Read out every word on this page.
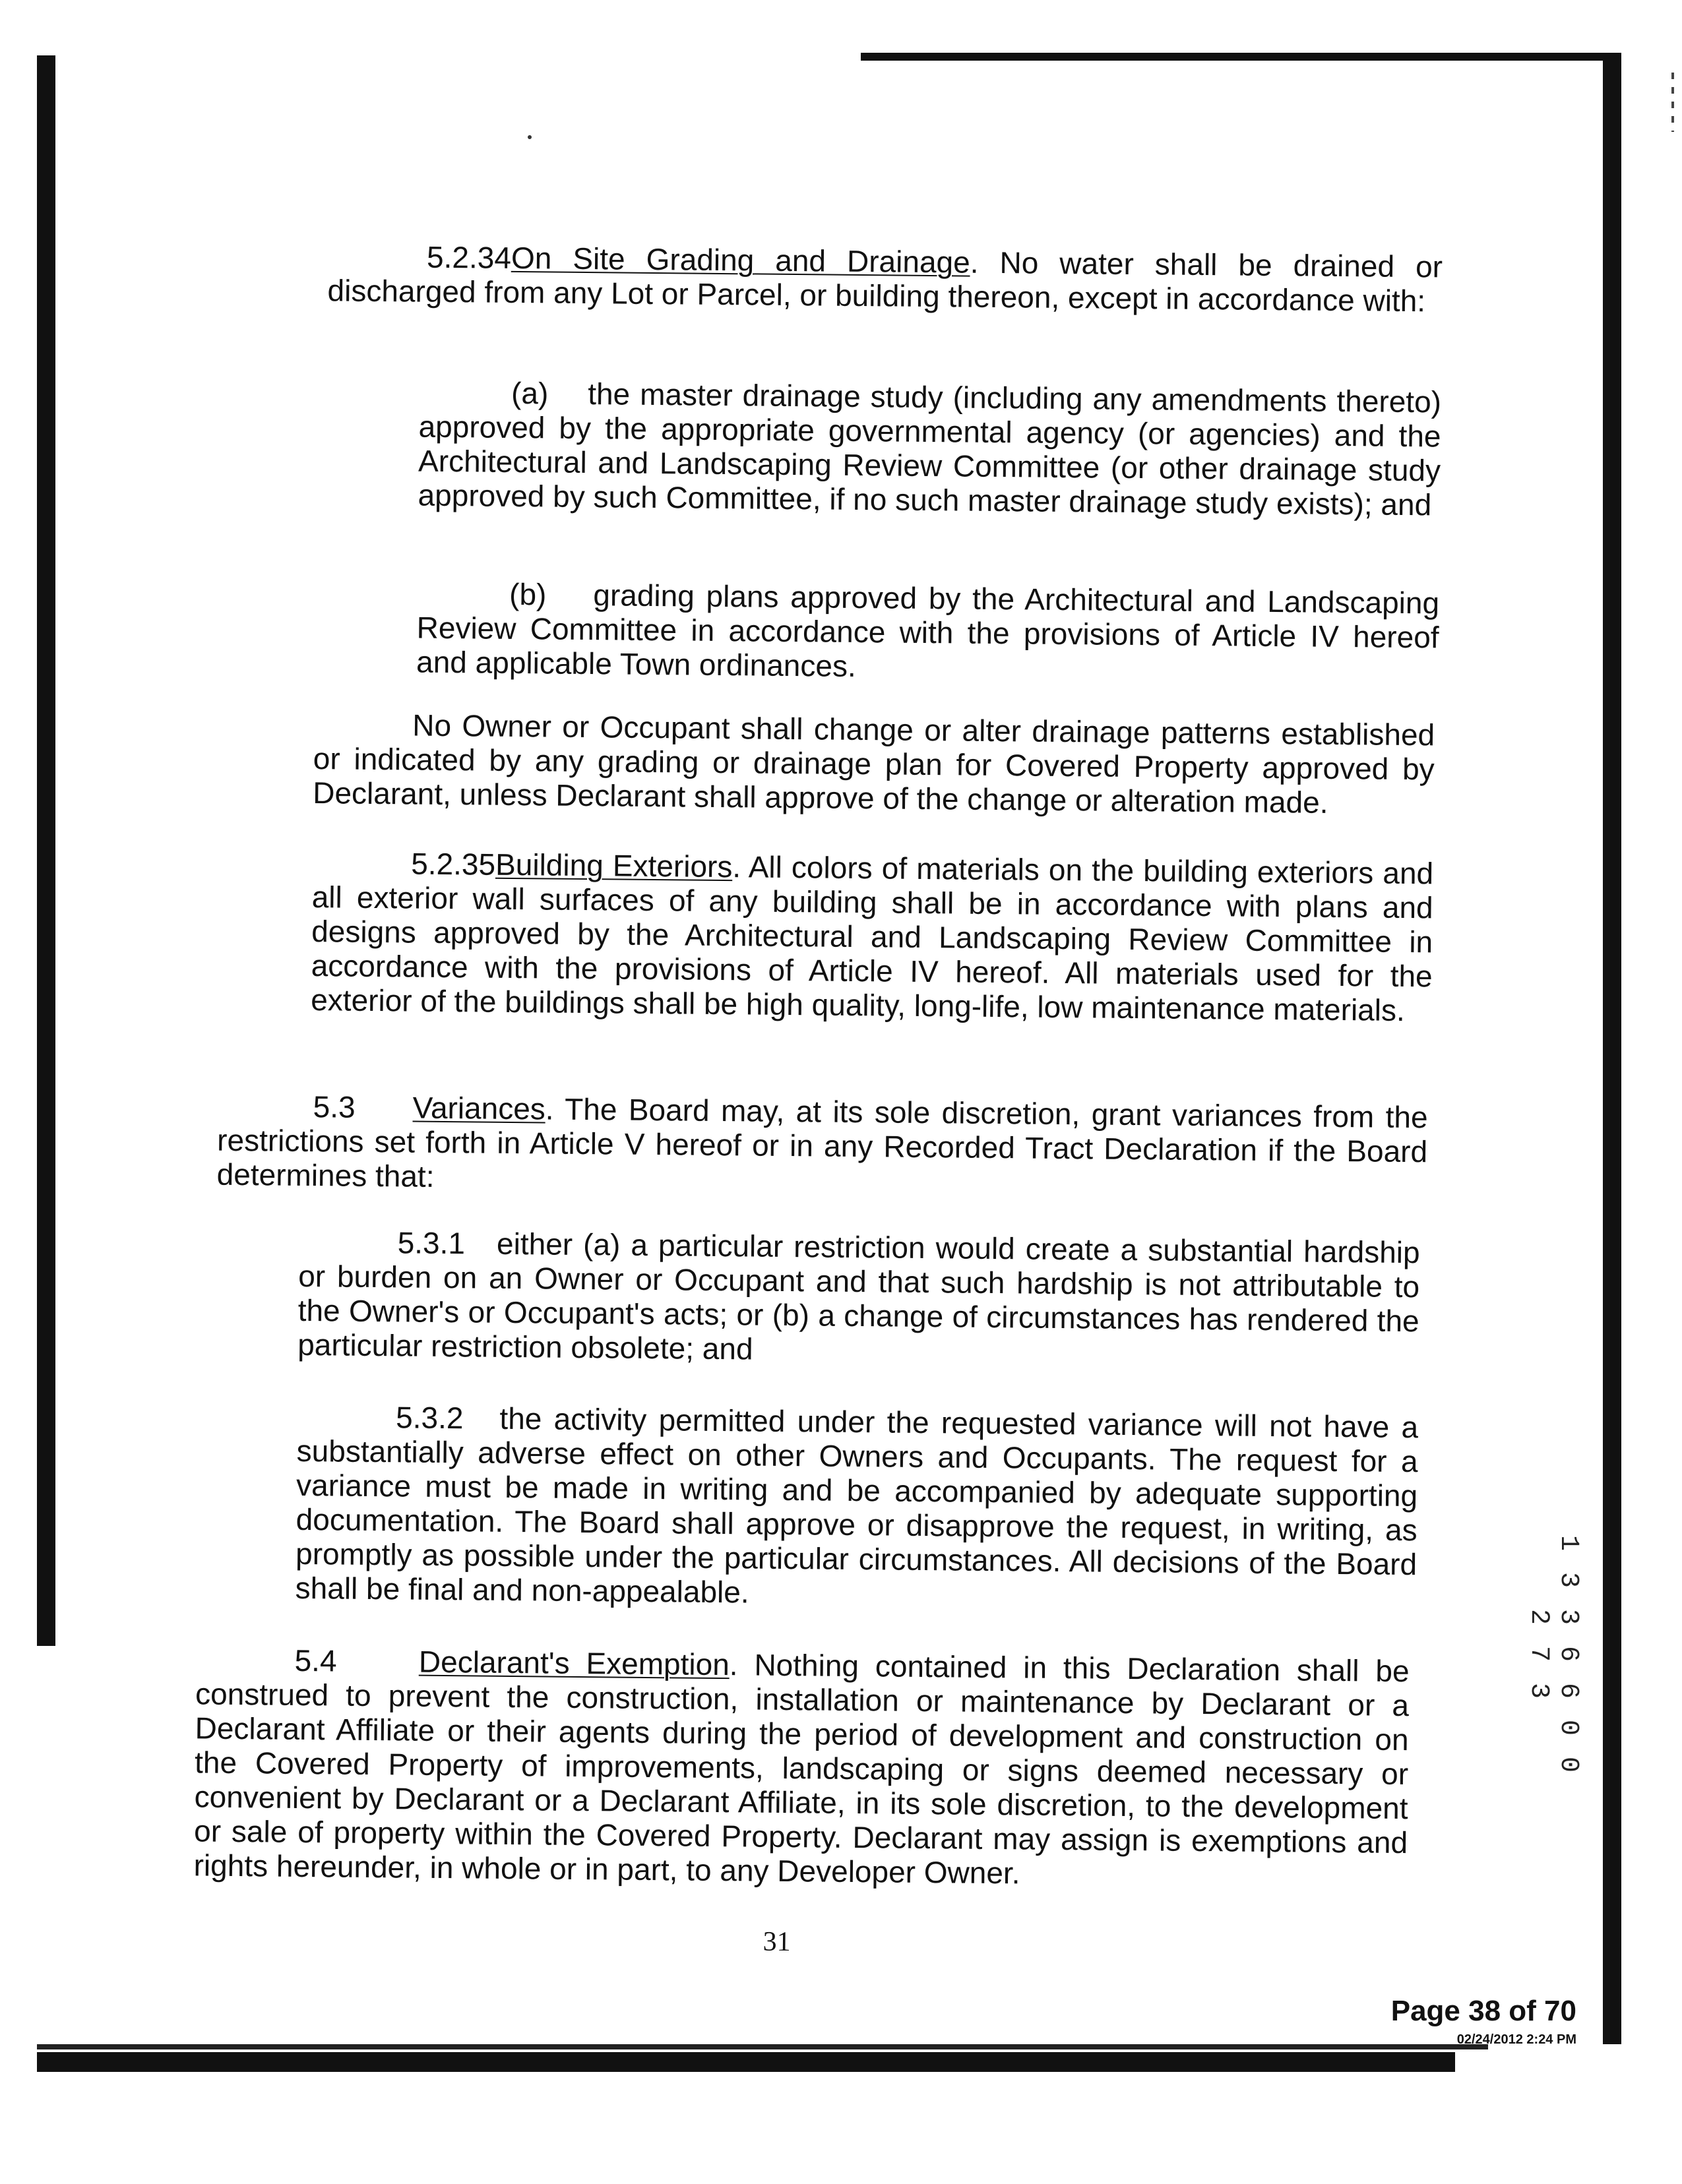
5.2.34On Site Grading and Drainage. No water shall be drained or discharged from any Lot or Parcel, or building thereon, except in accordance with:

(a) the master drainage study (including any amendments thereto) approved by the appropriate governmental agency (or agencies) and the Architectural and Landscaping Review Committee (or other drainage study approved by such Committee, if no such master drainage study exists); and

(b) grading plans approved by the Architectural and Landscaping Review Committee in accordance with the provisions of Article IV hereof and applicable Town ordinances.

No Owner or Occupant shall change or alter drainage patterns established or indicated by any grading or drainage plan for Covered Property approved by Declarant, unless Declarant shall approve of the change or alteration made.

5.2.35Building Exteriors. All colors of materials on the building exteriors and all exterior wall surfaces of any building shall be in accordance with plans and designs approved by the Architectural and Landscaping Review Committee in accordance with the provisions of Article IV hereof. All materials used for the exterior of the buildings shall be high quality, long-life, low maintenance materials.

5.3 Variances. The Board may, at its sole discretion, grant variances from the restrictions set forth in Article V hereof or in any Recorded Tract Declaration if the Board determines that:

5.3.1 either (a) a particular restriction would create a substantial hardship or burden on an Owner or Occupant and that such hardship is not attributable to the Owner's or Occupant's acts; or (b) a change of circumstances has rendered the particular restriction obsolete; and

5.3.2 the activity permitted under the requested variance will not have a substantially adverse effect on other Owners and Occupants. The request for a variance must be made in writing and be accompanied by adequate supporting documentation. The Board shall approve or disapprove the request, in writing, as promptly as possible under the particular circumstances. All decisions of the Board shall be final and non-appealable.

5.4	Declarant's Exemption. Nothing contained in this Declaration shall be construed to prevent the construction, installation or maintenance by Declarant or a Declarant Affiliate or their agents during the period of development and construction on the Covered Property of improvements, landscaping or signs deemed necessary or convenient by Declarant or a Declarant Affiliate, in its sole discretion, to the development or sale of property within the Covered Property. Declarant may assign is exemptions and rights hereunder, in whole or in part, to any Developer Owner.

31
1 3 3 6 6 0 0 2 7 3
Page 38 of 70
02/24/2012 2:24 PM
